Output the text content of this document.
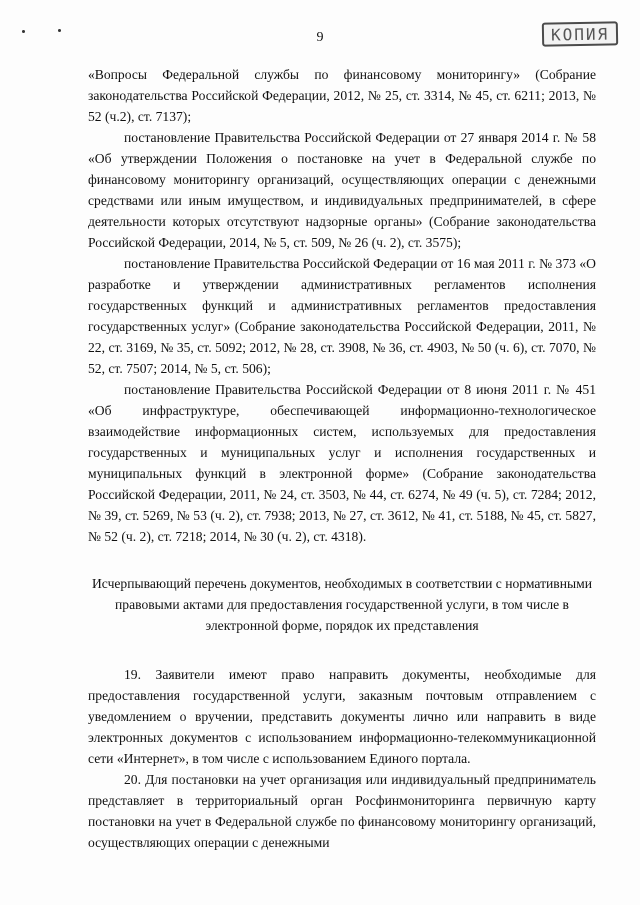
9	КОПИЯ

«Вопросы Федеральной службы по финансовому мониторингу» (Собрание законодательства Российской Федерации, 2012, № 25, ст. 3314, № 45, ст. 6211; 2013, № 52 (ч.2), ст. 7137);

постановление Правительства Российской Федерации от 27 января 2014 г. № 58 «Об утверждении Положения о постановке на учет в Федеральной службе по финансовому мониторингу организаций, осуществляющих операции с денежными средствами или иным имуществом, и индивидуальных предпринимателей, в сфере деятельности которых отсутствуют надзорные органы» (Собрание законодательства Российской Федерации, 2014, № 5, ст. 509, № 26 (ч. 2), ст. 3575);

постановление Правительства Российской Федерации от 16 мая 2011 г. № 373 «О разработке и утверждении административных регламентов исполнения государственных функций и административных регламентов предоставления государственных услуг» (Собрание законодательства Российской Федерации, 2011, № 22, ст. 3169, № 35, ст. 5092; 2012, № 28, ст. 3908, № 36, ст. 4903, № 50 (ч. 6), ст. 7070, № 52, ст. 7507; 2014, № 5, ст. 506);

постановление Правительства Российской Федерации от 8 июня 2011 г. № 451 «Об инфраструктуре, обеспечивающей информационно-технологическое взаимодействие информационных систем, используемых для предоставления государственных и муниципальных услуг и исполнения государственных и муниципальных функций в электронной форме» (Собрание законодательства Российской Федерации, 2011, № 24, ст. 3503, № 44, ст. 6274, № 49 (ч. 5), ст. 7284; 2012, № 39, ст. 5269, № 53 (ч. 2), ст. 7938; 2013, № 27, ст. 3612, № 41, ст. 5188, № 45, ст. 5827, № 52 (ч. 2), ст. 7218; 2014, № 30 (ч. 2), ст. 4318).

Исчерпывающий перечень документов, необходимых в соответствии с нормативными правовыми актами для предоставления государственной услуги, в том числе в электронной форме, порядок их представления

19. Заявители имеют право направить документы, необходимые для предоставления государственной услуги, заказным почтовым отправлением с уведомлением о вручении, представить документы лично или направить в виде электронных документов с использованием информационно-телекоммуникационной сети «Интернет», в том числе с использованием Единого портала.

20. Для постановки на учет организация или индивидуальный предприниматель представляет в территориальный орган Росфинмониторинга первичную карту постановки на учет в Федеральной службе по финансовому мониторингу организаций, осуществляющих операции с денежными
